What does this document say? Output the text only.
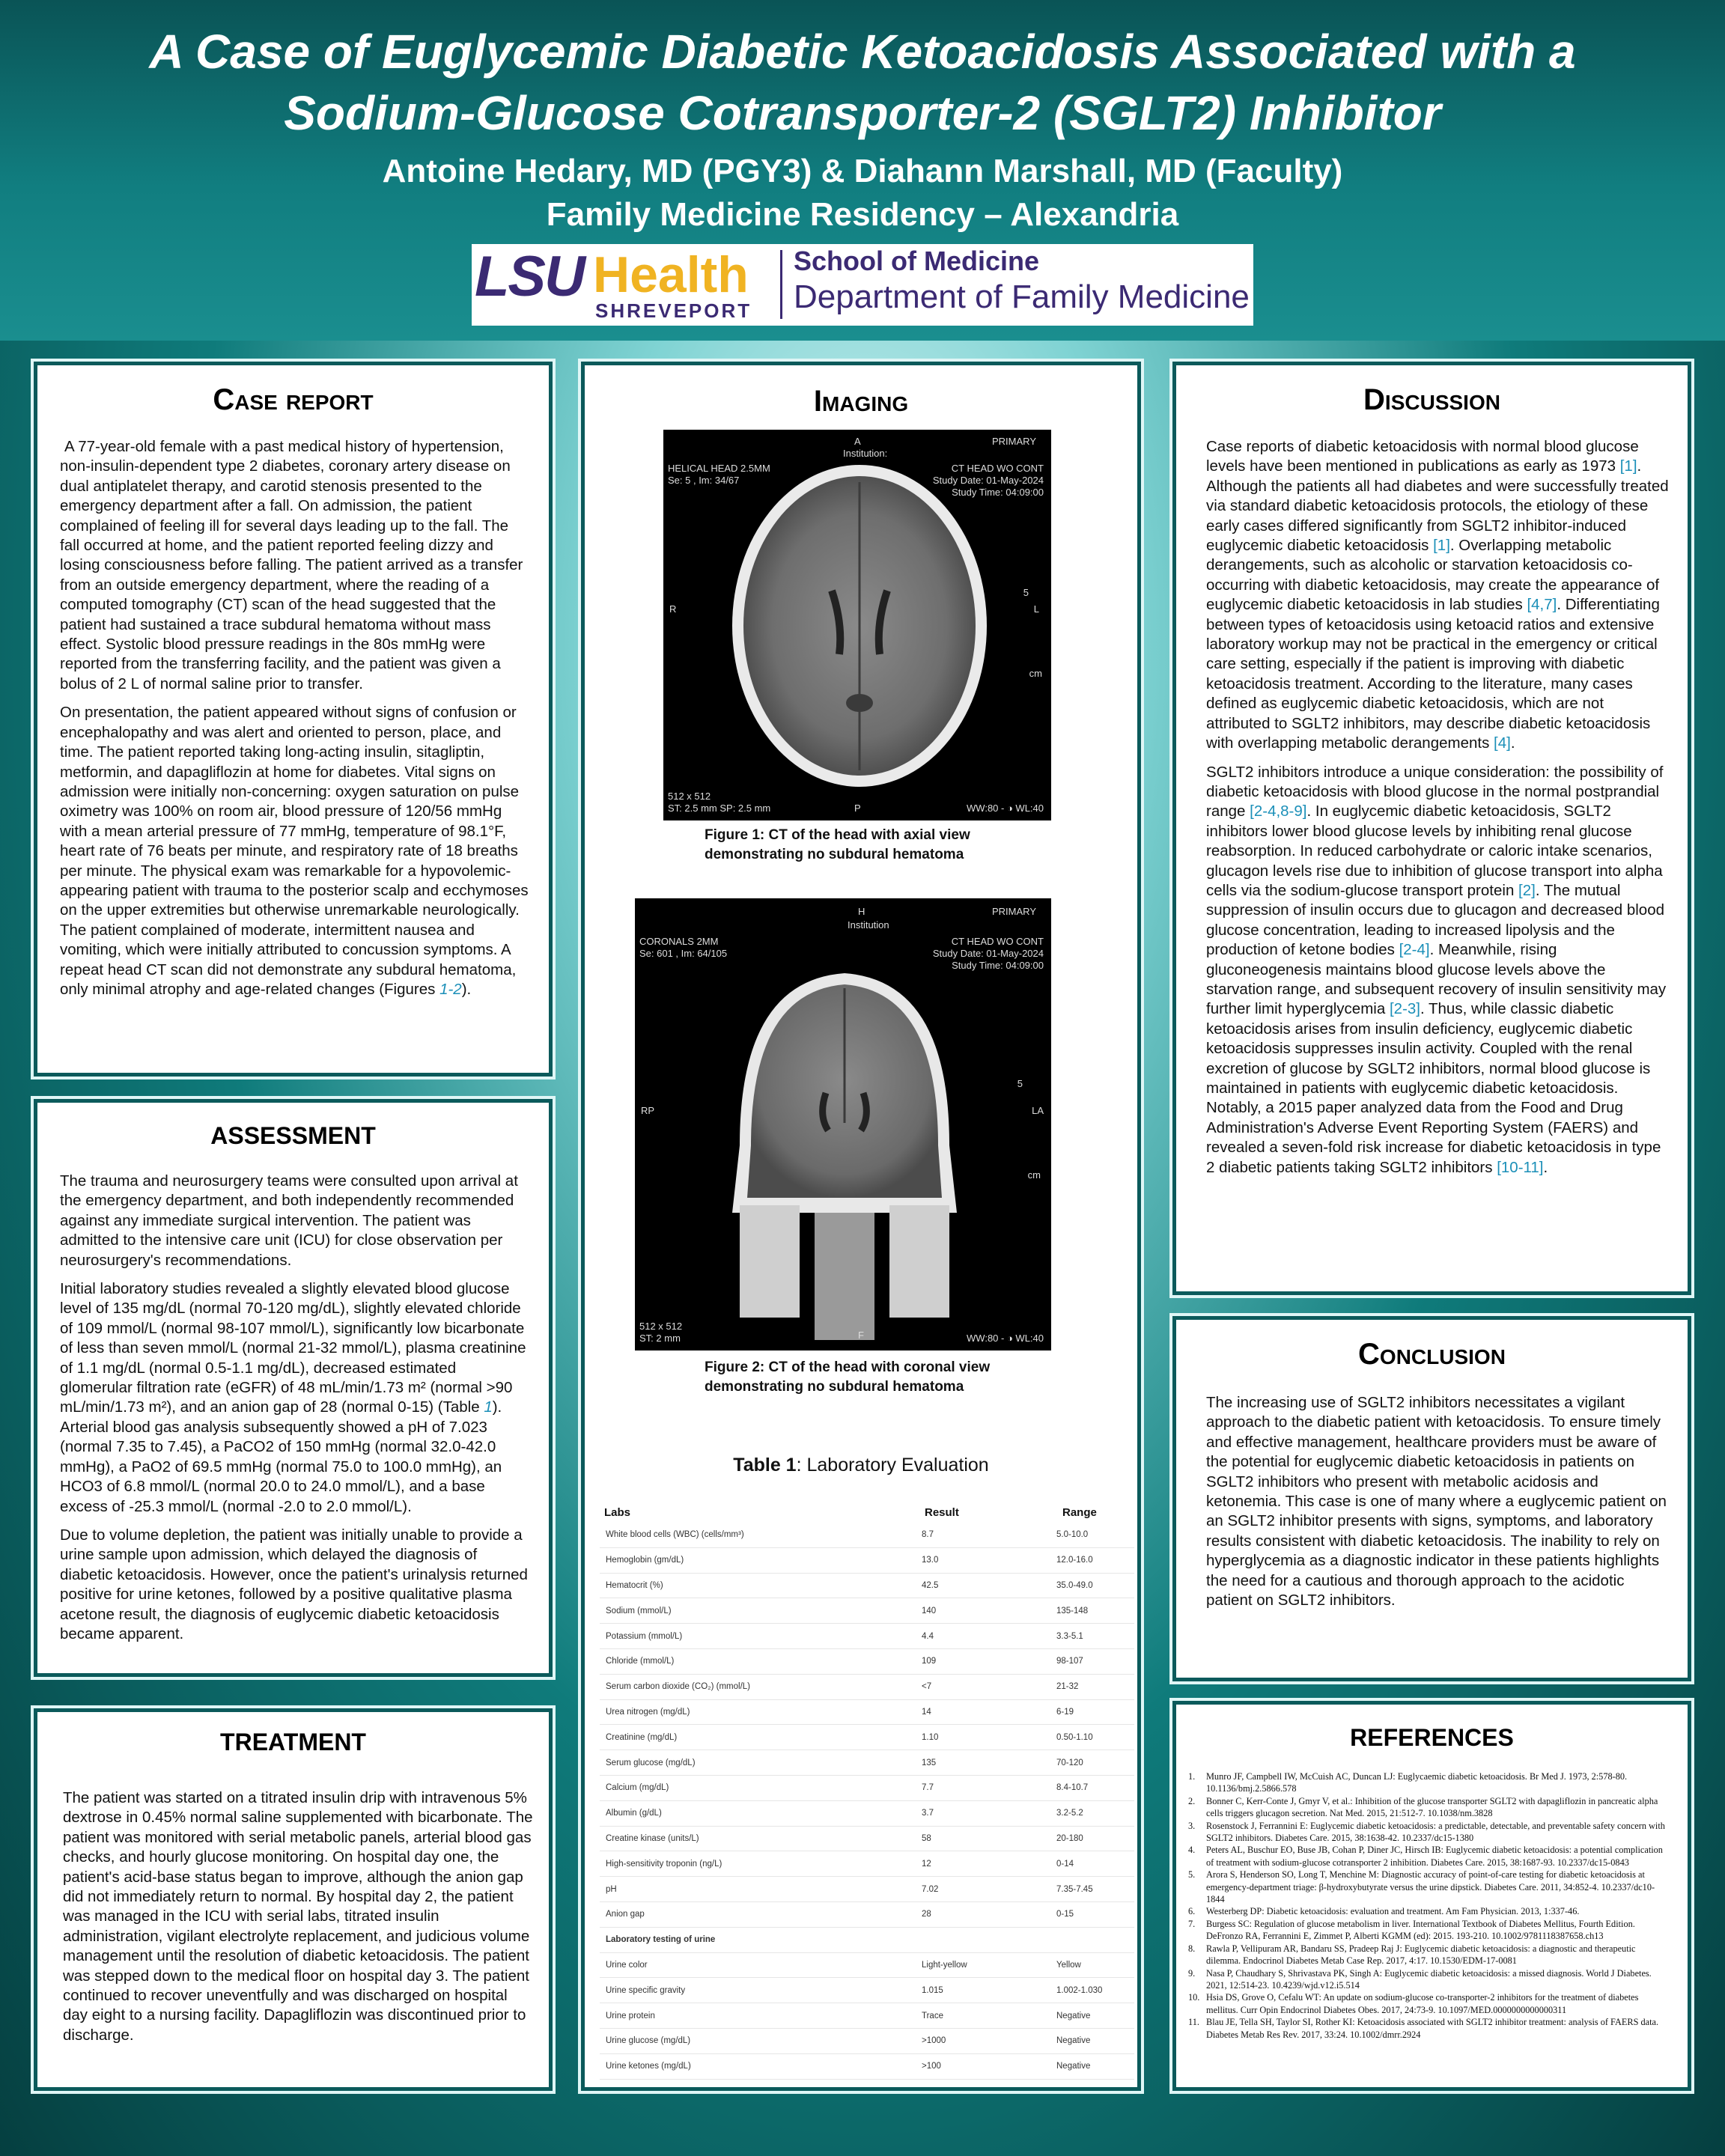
A Case of Euglycemic Diabetic Ketoacidosis Associated with a
Sodium-Glucose Cotransporter-2 (SGLT2) Inhibitor
Antoine Hedary, MD (PGY3) & Diahann Marshall, MD (Faculty)
Family Medicine Residency – Alexandria
LSU Health
SHREVEPORT
School of Medicine
Department of Family Medicine
Case report

A 77-year-old female with a past medical history of hypertension, non-insulin-dependent type 2 diabetes, coronary artery disease on dual antiplatelet therapy, and carotid stenosis presented to the emergency department after a fall. On admission, the patient complained of feeling ill for several days leading up to the fall. The fall occurred at home, and the patient reported feeling dizzy and losing consciousness before falling. The patient arrived as a transfer from an outside emergency department, where the reading of a computed tomography (CT) scan of the head suggested that the patient had sustained a trace subdural hematoma without mass effect. Systolic blood pressure readings in the 80s mmHg were reported from the transferring facility, and the patient was given a bolus of 2 L of normal saline prior to transfer.

On presentation, the patient appeared without signs of confusion or encephalopathy and was alert and oriented to person, place, and time. The patient reported taking long-acting insulin, sitagliptin, metformin, and dapagliflozin at home for diabetes. Vital signs on admission were initially non-concerning: oxygen saturation on pulse oximetry was 100% on room air, blood pressure of 120/56 mmHg with a mean arterial pressure of 77 mmHg, temperature of 98.1°F, heart rate of 76 beats per minute, and respiratory rate of 18 breaths per minute. The physical exam was remarkable for a hypovolemic-appearing patient with trauma to the posterior scalp and ecchymoses on the upper extremities but otherwise unremarkable neurologically. The patient complained of moderate, intermittent nausea and vomiting, which were initially attributed to concussion symptoms. A repeat head CT scan did not demonstrate any subdural hematoma, only minimal atrophy and age-related changes (Figures 1-2).

ASSESSMENT

The trauma and neurosurgery teams were consulted upon arrival at the emergency department, and both independently recommended against any immediate surgical intervention. The patient was admitted to the intensive care unit (ICU) for close observation per neurosurgery's recommendations.

Initial laboratory studies revealed a slightly elevated blood glucose level of 135 mg/dL (normal 70-120 mg/dL), slightly elevated chloride of 109 mmol/L (normal 98-107 mmol/L), significantly low bicarbonate of less than seven mmol/L (normal 21-32 mmol/L), plasma creatinine of 1.1 mg/dL (normal 0.5-1.1 mg/dL), decreased estimated glomerular filtration rate (eGFR) of 48 mL/min/1.73 m² (normal >90 mL/min/1.73 m²), and an anion gap of 28 (normal 0-15) (Table 1). Arterial blood gas analysis subsequently showed a pH of 7.023 (normal 7.35 to 7.45), a PaCO2 of 150 mmHg (normal 32.0-42.0 mmHg), a PaO2 of 69.5 mmHg (normal 75.0 to 100.0 mmHg), an HCO3 of 6.8 mmol/L (normal 20.0 to 24.0 mmol/L), and a base excess of -25.3 mmol/L (normal -2.0 to 2.0 mmol/L).

Due to volume depletion, the patient was initially unable to provide a urine sample upon admission, which delayed the diagnosis of diabetic ketoacidosis. However, once the patient's urinalysis returned positive for urine ketones, followed by a positive qualitative plasma acetone result, the diagnosis of euglycemic diabetic ketoacidosis became apparent.

TREATMENT

The patient was started on a titrated insulin drip with intravenous 5% dextrose in 0.45% normal saline supplemented with bicarbonate. The patient was monitored with serial metabolic panels, arterial blood gas checks, and hourly glucose monitoring. On hospital day one, the patient's acid-base status began to improve, although the anion gap did not immediately return to normal. By hospital day 2, the patient was managed in the ICU with serial labs, titrated insulin administration, vigilant electrolyte replacement, and judicious volume management until the resolution of diabetic ketoacidosis. The patient was stepped down to the medical floor on hospital day 3. The patient continued to recover uneventfully and was discharged on hospital day eight to a nursing facility. Dapagliflozin was discontinued prior to discharge.

Imaging
A
Institution:
PRIMARY
HELICAL HEAD 2.5MM
Se: 5 , Im: 34/67
CT HEAD WO CONT
Study Date: 01-May-2024
Study Time: 04:09:00
R	L
5
cm
P
512 x 512
ST: 2.5 mm SP: 2.5 mm	WW:80 - ◑ WL:40
Figure 1: CT of the head with axial view
demonstrating no subdural hematoma
H
Institution
PRIMARY
CORONALS 2MM
Se: 601 , Im: 64/105
CT HEAD WO CONT
Study Date: 01-May-2024
Study Time: 04:09:00
RP	LA
5
cm
F
512 x 512
ST: 2 mm	WW:80 - ◑ WL:40
Figure 2: CT of the head with coronal view
demonstrating no subdural hematoma
Table 1: Laboratory Evaluation
Labs	Result	Range
White blood cells (WBC) (cells/mm³)	8.7	5.0-10.0
Hemoglobin (gm/dL)	13.0	12.0-16.0
Hematocrit (%)	42.5	35.0-49.0
Sodium (mmol/L)	140	135-148
Potassium (mmol/L)	4.4	3.3-5.1
Chloride (mmol/L)	109	98-107
Serum carbon dioxide (CO₂) (mmol/L)	<7	21-32
Urea nitrogen (mg/dL)	14	6-19
Creatinine (mg/dL)	1.10	0.50-1.10
Serum glucose (mg/dL)	135	70-120
Calcium (mg/dL)	7.7	8.4-10.7
Albumin (g/dL)	3.7	3.2-5.2
Creatine kinase (units/L)	58	20-180
High-sensitivity troponin (ng/L)	12	0-14
pH	7.02	7.35-7.45
Anion gap	28	0-15
Laboratory testing of urine		
Urine color	Light-yellow	Yellow
Urine specific gravity	1.015	1.002-1.030
Urine protein	Trace	Negative
Urine glucose (mg/dL)	>1000	Negative
Urine ketones (mg/dL)	>100	Negative
Discussion

Case reports of diabetic ketoacidosis with normal blood glucose levels have been mentioned in publications as early as 1973 [1]. Although the patients all had diabetes and were successfully treated via standard diabetic ketoacidosis protocols, the etiology of these early cases differed significantly from SGLT2 inhibitor-induced euglycemic diabetic ketoacidosis [1]. Overlapping metabolic derangements, such as alcoholic or starvation ketoacidosis co-occurring with diabetic ketoacidosis, may create the appearance of euglycemic diabetic ketoacidosis in lab studies [4,7]. Differentiating between types of ketoacidosis using ketoacid ratios and extensive laboratory workup may not be practical in the emergency or critical care setting, especially if the patient is improving with diabetic ketoacidosis treatment. According to the literature, many cases defined as euglycemic diabetic ketoacidosis, which are not attributed to SGLT2 inhibitors, may describe diabetic ketoacidosis with overlapping metabolic derangements [4].

SGLT2 inhibitors introduce a unique consideration: the possibility of diabetic ketoacidosis with blood glucose in the normal postprandial range [2-4,8-9]. In euglycemic diabetic ketoacidosis, SGLT2 inhibitors lower blood glucose levels by inhibiting renal glucose reabsorption. In reduced carbohydrate or caloric intake scenarios, glucagon levels rise due to inhibition of glucose transport into alpha cells via the sodium-glucose transport protein [2]. The mutual suppression of insulin occurs due to glucagon and decreased blood glucose concentration, leading to increased lipolysis and the production of ketone bodies [2-4]. Meanwhile, rising gluconeogenesis maintains blood glucose levels above the starvation range, and subsequent recovery of insulin sensitivity may further limit hyperglycemia [2-3]. Thus, while classic diabetic ketoacidosis arises from insulin deficiency, euglycemic diabetic ketoacidosis suppresses insulin activity. Coupled with the renal excretion of glucose by SGLT2 inhibitors, normal blood glucose is maintained in patients with euglycemic diabetic ketoacidosis. Notably, a 2015 paper analyzed data from the Food and Drug Administration's Adverse Event Reporting System (FAERS) and revealed a seven-fold risk increase for diabetic ketoacidosis in type 2 diabetic patients taking SGLT2 inhibitors [10-11].

Conclusion

The increasing use of SGLT2 inhibitors necessitates a vigilant approach to the diabetic patient with ketoacidosis. To ensure timely and effective management, healthcare providers must be aware of the potential for euglycemic diabetic ketoacidosis in patients on SGLT2 inhibitors who present with metabolic acidosis and ketonemia. This case is one of many where a euglycemic patient on an SGLT2 inhibitor presents with signs, symptoms, and laboratory results consistent with diabetic ketoacidosis. The inability to rely on hyperglycemia as a diagnostic indicator in these patients highlights the need for a cautious and thorough approach to the acidotic patient on SGLT2 inhibitors.

REFERENCES
1. Munro JF, Campbell IW, McCuish AC, Duncan LJ: Euglycaemic diabetic ketoacidosis. Br Med J. 1973, 2:578-80. 10.1136/bmj.2.5866.578
2. Bonner C, Kerr-Conte J, Gmyr V, et al.: Inhibition of the glucose transporter SGLT2 with dapagliflozin in pancreatic alpha cells triggers glucagon secretion. Nat Med. 2015, 21:512-7. 10.1038/nm.3828
3. Rosenstock J, Ferrannini E: Euglycemic diabetic ketoacidosis: a predictable, detectable, and preventable safety concern with SGLT2 inhibitors. Diabetes Care. 2015, 38:1638-42. 10.2337/dc15-1380
4. Peters AL, Buschur EO, Buse JB, Cohan P, Diner JC, Hirsch IB: Euglycemic diabetic ketoacidosis: a potential complication of treatment with sodium-glucose cotransporter 2 inhibition. Diabetes Care. 2015, 38:1687-93. 10.2337/dc15-0843
5. Arora S, Henderson SO, Long T, Menchine M: Diagnostic accuracy of point-of-care testing for diabetic ketoacidosis at emergency-department triage: β-hydroxybutyrate versus the urine dipstick. Diabetes Care. 2011, 34:852-4. 10.2337/dc10-1844
6. Westerberg DP: Diabetic ketoacidosis: evaluation and treatment. Am Fam Physician. 2013, 1:337-46.
7. Burgess SC: Regulation of glucose metabolism in liver. International Textbook of Diabetes Mellitus, Fourth Edition. DeFronzo RA, Ferrannini E, Zimmet P, Alberti KGMM (ed): 2015. 193-210. 10.1002/9781118387658.ch13
8. Rawla P, Vellipuram AR, Bandaru SS, Pradeep Raj J: Euglycemic diabetic ketoacidosis: a diagnostic and therapeutic dilemma. Endocrinol Diabetes Metab Case Rep. 2017, 4:17. 10.1530/EDM-17-0081
9. Nasa P, Chaudhary S, Shrivastava PK, Singh A: Euglycemic diabetic ketoacidosis: a missed diagnosis. World J Diabetes. 2021, 12:514-23. 10.4239/wjd.v12.i5.514
10. Hsia DS, Grove O, Cefalu WT: An update on sodium-glucose co-transporter-2 inhibitors for the treatment of diabetes mellitus. Curr Opin Endocrinol Diabetes Obes. 2017, 24:73-9. 10.1097/MED.0000000000000311
11. Blau JE, Tella SH, Taylor SI, Rother KI: Ketoacidosis associated with SGLT2 inhibitor treatment: analysis of FAERS data. Diabetes Metab Res Rev. 2017, 33:24. 10.1002/dmrr.2924
